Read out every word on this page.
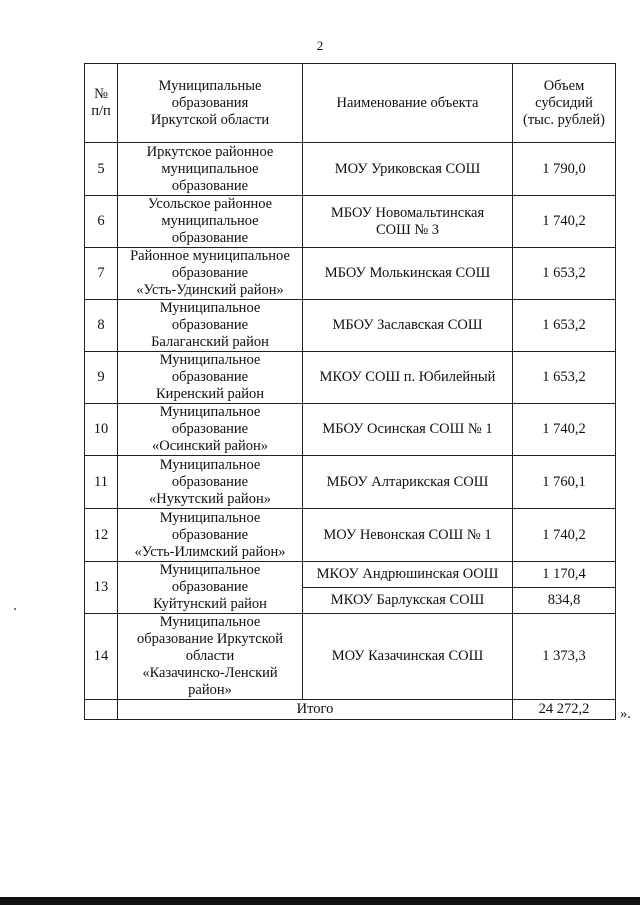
2
№
п/п	Муниципальные
образования
Иркутской области	Наименование объекта	Объем
субсидий
(тыс. рублей)
5	Иркутское районное
муниципальное
образование	МОУ Уриковская СОШ	1 790,0
6	Усольское районное
муниципальное
образование	МБОУ Новомальтинская
СОШ № 3	1 740,2
7	Районное муниципальное
образование
«Усть-Удинский район»	МБОУ Молькинская СОШ	1 653,2
8	Муниципальное
образование
Балаганский район	МБОУ Заславская СОШ	1 653,2
9	Муниципальное
образование
Киренский район	МКОУ СОШ п. Юбилейный	1 653,2
10	Муниципальное
образование
«Осинский район»	МБОУ Осинская СОШ № 1	1 740,2
11	Муниципальное
образование
«Нукутский район»	МБОУ Алтарикская СОШ	1 760,1
12	Муниципальное
образование
«Усть-Илимский район»	МОУ Невонская СОШ № 1	1 740,2
13	Муниципальное
образование
Куйтунский район	МКОУ Андрюшинская ООШ	1 170,4
		МКОУ Барлукская СОШ	834,8
14	Муниципальное
образование Иркутской
области
«Казачинско-Ленский
район»	МОУ Казачинская СОШ	1 373,3
	Итого		24 272,2 ».
